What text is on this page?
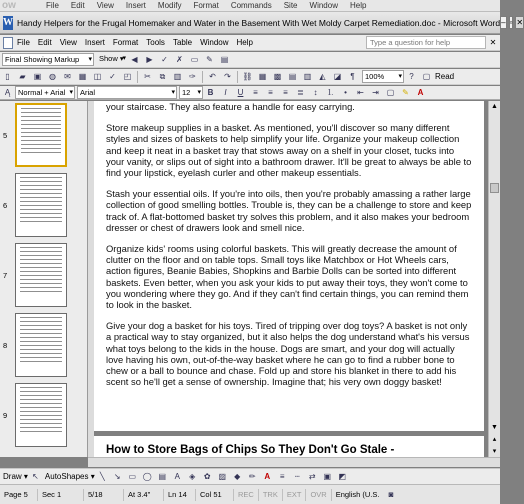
ow	File	Edit	View	Insert	Modify	Format	Commands	Site	Window	Help
W Handy Helpers for the Frugal Homemaker and Water in the Basement With Wet Moldy Carpet Remediation.doc - Microsoft Word – ▫ ✕
File	Edit	View	Insert	Format	Tools	Table	Window	Help	Type a question for help	✕
Final Showing Markup ▾	Show ▾ ▾ ◀	▶	✓	✗ ▭ ✎ ▤
▯	▰	▣ ◍	✉ ▦ ◫ ✓ ◰	✂	⧉	▥ ✑	↶	↷	⛓ ▦ ▩ ▤ ▥	◭	◪	¶	100% ▾	?	▢ Read
Ą	Normal + Arial ▾	Arial ▾	12 ▾	B	I	U	≡	≡	≡	≣	↕	⒈	•	⇤	⇥ ▢ ✎	A
5
6
7
8
9

your staircase. They also feature a handle for easy carrying.

Store makeup supplies in a basket. As mentioned, you'll discover so many different styles and sizes of baskets to help simplify your life. Organize your makeup collection and keep it neat in a basket tray that stows away on a shelf in your closet, tucks into your vanity, or slips out of sight into a bathroom drawer. It'll be great to always be able to find your lipstick, eyelash curler and other makeup essentials.

Stash your essential oils. If you're into oils, then you're probably amassing a rather large collection of good smelling bottles. Trouble is, they can be a challenge to store and keep track of. A flat-bottomed basket try solves this problem, and it also makes your bedroom dresser or chest of drawers look and smell nice.

Organize kids' rooms using colorful baskets. This will greatly decrease the amount of clutter on the floor and on table tops. Small toys like Matchbox or Hot Wheels cars, action figures, Beanie Babies, Shopkins and Barbie Dolls can be sorted into different baskets. Even better, when you ask your kids to put away their toys, they won't come to you wondering where they go. And if they can't find certain things, you can remind them to look in the basket.

Give your dog a basket for his toys. Tired of tripping over dog toys? A basket is not only a practical way to stay organized, but it also helps the dog understand what's his versus what toys belong to the kids in the house. Dogs are smart, and your dog will actually love having his own, out-of-the-way basket where he can go to find a rubber bone to chew or a ball to bounce and chase. Fold up and store his blanket in there to add his scent so he'll get a sense of ownership. Imagine that; his very own doggy basket!

How to Store Bags of Chips So They Don't Go Stale -
▲
▼
▴
▾
Draw ▾ ↖ AutoShapes ▾ ╲	↘ ▭ ◯ ▤	A	◈	✿ ▨	◆	✏	A	≡	┄	⇄ ▣ ◩
Page 5	Sec 1	5/18	At 3.4"	Ln 14	Col 51	REC	TRK	EXT	OVR	English (U.S.	◙
